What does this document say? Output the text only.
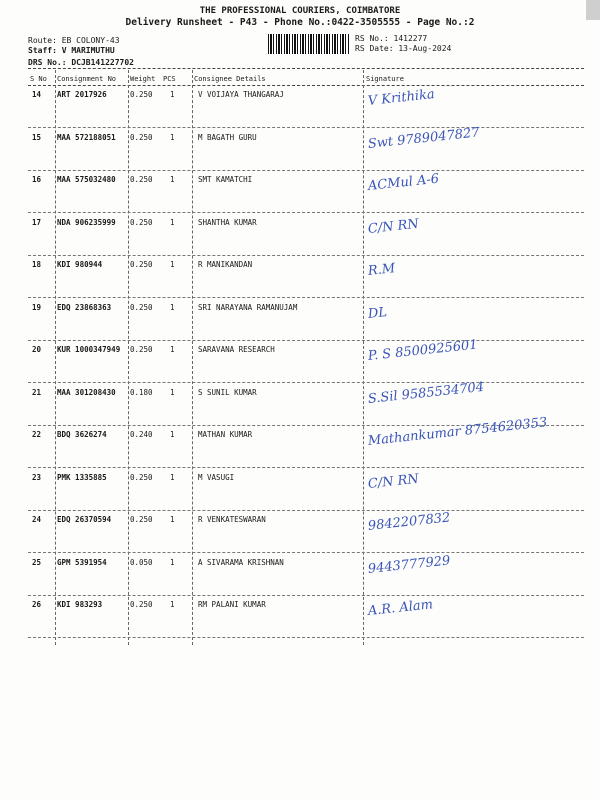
THE PROFESSIONAL COURIERS, COIMBATORE
Delivery Runsheet - P43 - Phone No.:0422-3505555 - Page No.:2
Route: EB COLONY-43
Staff: V MARIMUTHU
DRS No.: DCJB141227702
RS No.: 1412277
RS Date: 13-Aug-2024
S No Consignment No Weight PCS	Consignee Details	Signature
14 ART 2017926	0.250 1	V VOIJAYA THANGARAJ	V Krithika
15 MAA 572188051 0.250 1	M BAGATH GURU	Swt 9789047827
16 MAA 575032480 0.250 1	SMT KAMATCHI	ACMul A-6
17 NDA 906235999 0.250 1	SHANTHA KUMAR	C/N RN
18 KDI 980944	0.250 1	R MANIKANDAN	R.M
19 EDQ 23868363	0.250 1	SRI NARAYANA RAMANUJAM	DL
20 KUR 1000347949 0.250 1	SARAVANA RESEARCH	P. S 8500925601
21 MAA 301208430 0.180 1	S SUNIL KUMAR	S.Sil 9585534704
22 BDQ 3626274	0.240 1	MATHAN KUMAR	Mathankumar 8754620353
23 PMK 1335885	0.250 1	M VASUGI	C/N RN
24 EDQ 26370594	0.250 1	R VENKATESWARAN	9842207832
25 GPM 5391954	0.050 1	A SIVARAMA KRISHNAN	9443777929
26 KDI 983293	0.250 1	RM PALANI KUMAR	A.R. Alam
